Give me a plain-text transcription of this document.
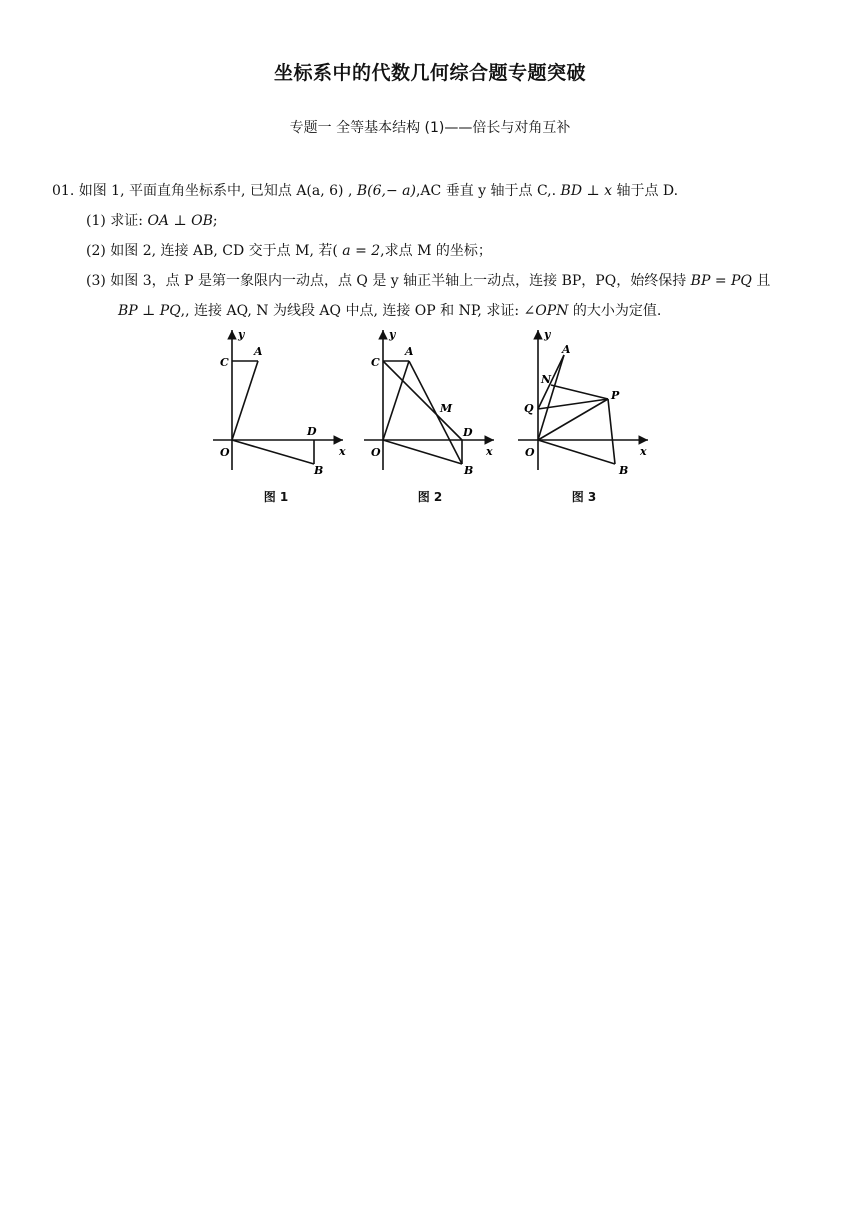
坐标系中的代数几何综合题专题突破
专题一 全等基本结构 (1)——倍长与对角互补
01. 如图 1, 平面直角坐标系中, 已知点 A(a, 6) , B(6,− a),AC 垂直 y 轴于点 C,. BD ⊥ x 轴于点 D.
(1) 求证: OA ⊥ OB;
(2) 如图 2, 连接 AB, CD 交于点 M, 若( a = 2,求点 M 的坐标；
(3) 如图 3，点 P 是第一象限内一动点，点 Q 是 y 轴正半轴上一动点，连接 BP，PQ，始终保持 BP = PQ 且
BP ⊥ PQ,, 连接 AQ, N 为线段 AQ 中点, 连接 OP 和 NP, 求证: ∠OPN 的大小为定值.
y
x
O
C
A
D
B
图 1
y
x
O
C
A
M
D
B
图 2
y
x
O
A
N
Q
P
B
图 3
